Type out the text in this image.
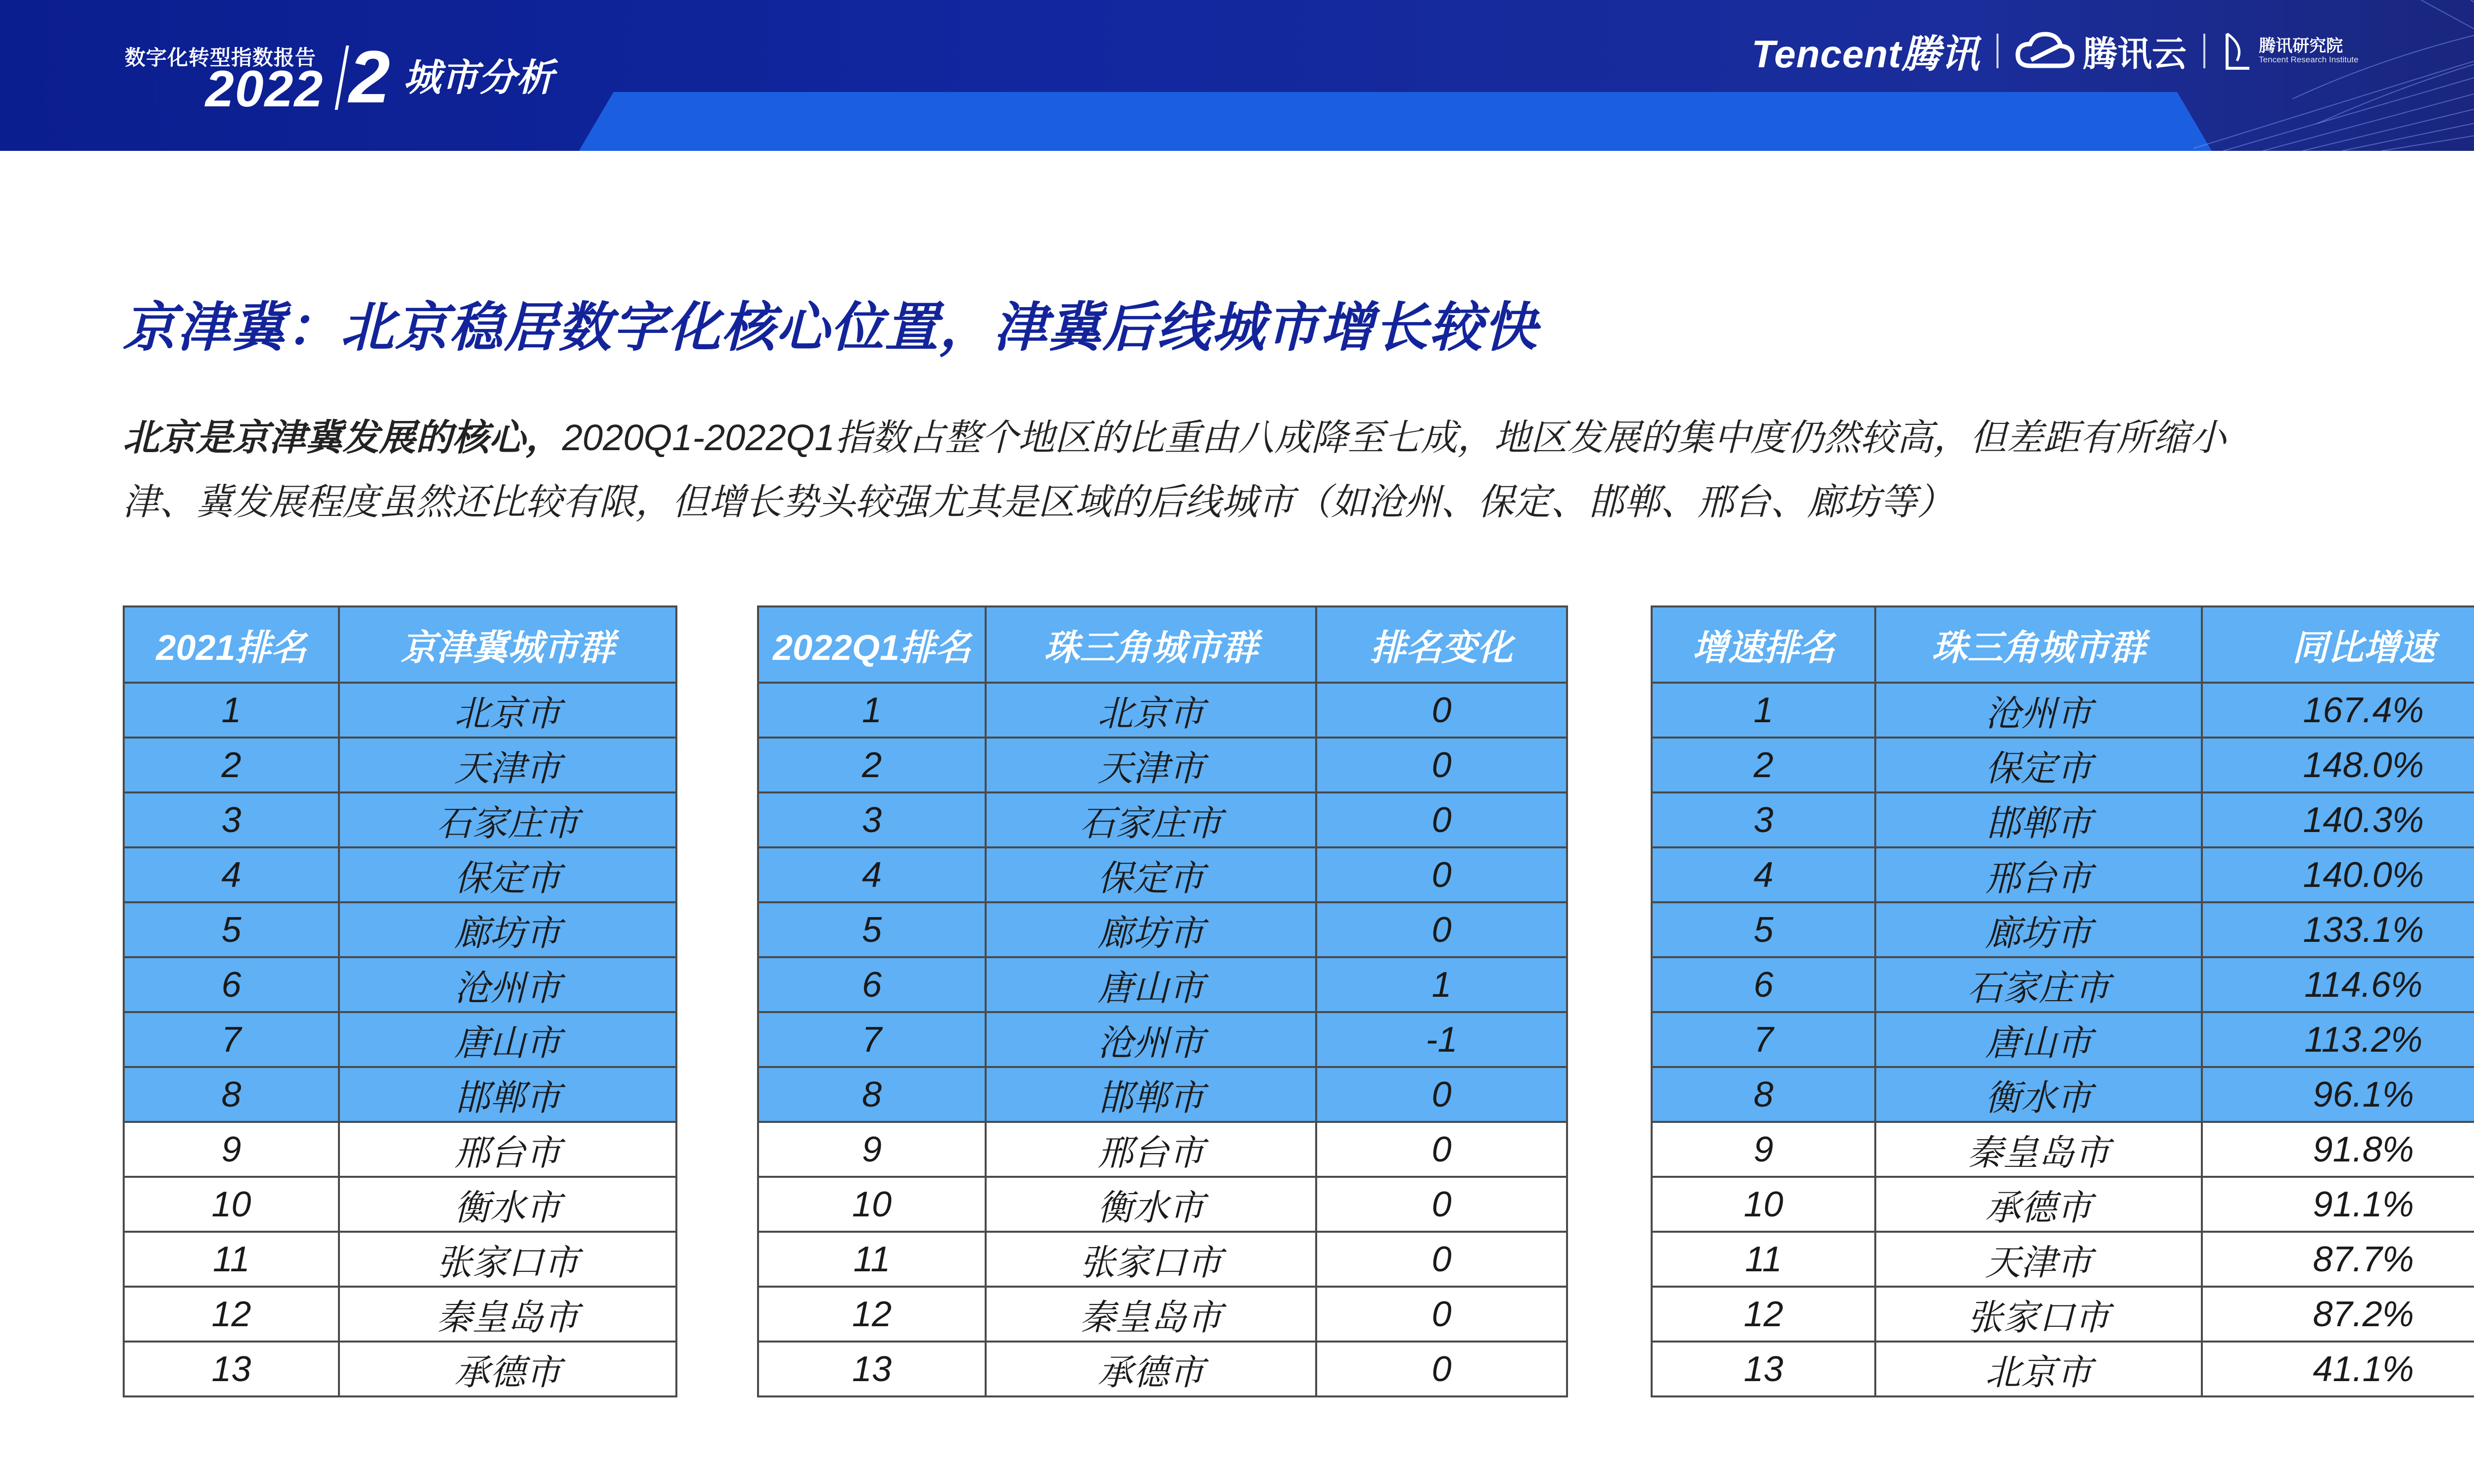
数字化转型指数报告
2022 2 城市分析
Tencent腾讯	腾讯云	腾讯研究院
Tencent Research Institute
京津冀：北京稳居数字化核心位置，津冀后线城市增长较快
北京是京津冀发展的核心，2020Q1-2022Q1指数占整个地区的比重由八成降至七成，地区发展的集中度仍然较高，但差距有所缩小
津、冀发展程度虽然还比较有限，但增长势头较强尤其是区域的后线城市（如沧州、保定、邯郸、邢台、廊坊等）
2021排名	京津冀城市群
1	北京市
2	天津市
3	石家庄市
4	保定市
5	廊坊市
6	沧州市
7	唐山市
8	邯郸市
9	邢台市
10	衡水市
11	张家口市
12	秦皇岛市
13	承德市
2022Q1排名	珠三角城市群	排名变化
1	北京市	0
2	天津市	0
3	石家庄市	0
4	保定市	0
5	廊坊市	0
6	唐山市	1
7	沧州市	-1
8	邯郸市	0
9	邢台市	0
10	衡水市	0
11	张家口市	0
12	秦皇岛市	0
13	承德市	0
增速排名	珠三角城市群	同比增速
1	沧州市	167.4%
2	保定市	148.0%
3	邯郸市	140.3%
4	邢台市	140.0%
5	廊坊市	133.1%
6	石家庄市	114.6%
7	唐山市	113.2%
8	衡水市	96.1%
9	秦皇岛市	91.8%
10	承德市	91.1%
11	天津市	87.7%
12	张家口市	87.2%
13	北京市	41.1%
